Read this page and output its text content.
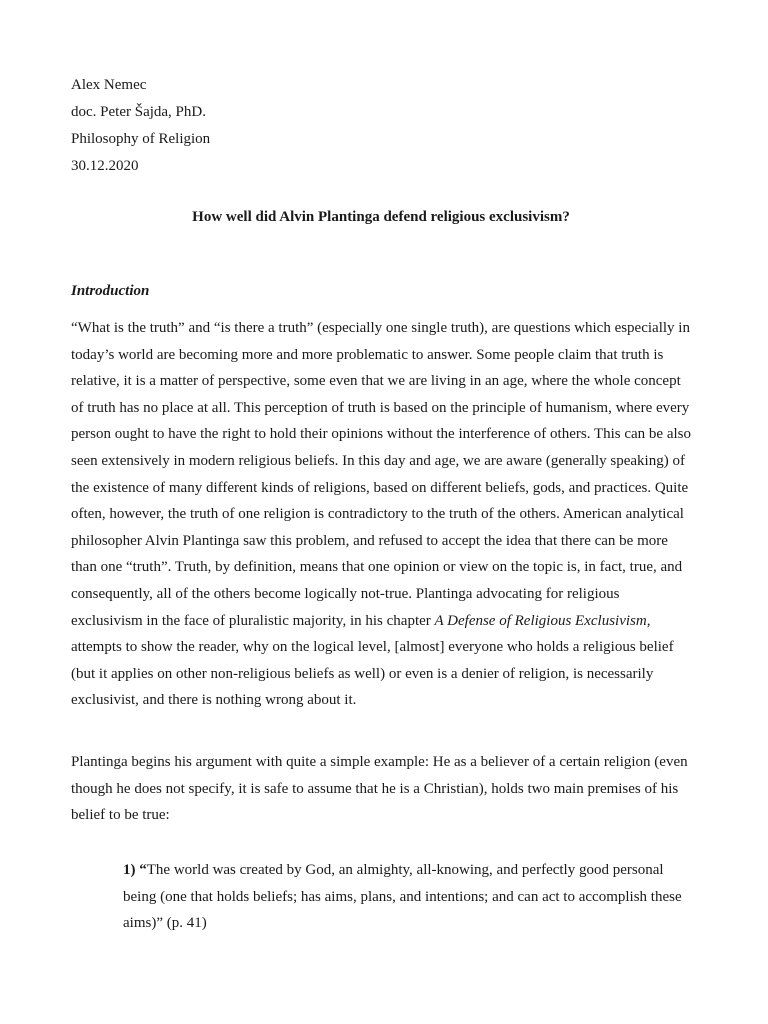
Alex Nemec
doc. Peter Šajda, PhD.
Philosophy of Religion
30.12.2020
How well did Alvin Plantinga defend religious exclusivism?
Introduction
“What is the truth” and “is there a truth” (especially one single truth), are questions which especially in
today’s world are becoming more and more problematic to answer. Some people claim that truth is
relative, it is a matter of perspective, some even that we are living in an age, where the whole concept
of truth has no place at all. This perception of truth is based on the principle of humanism, where every
person ought to have the right to hold their opinions without the interference of others. This can be also
seen extensively in modern religious beliefs. In this day and age, we are aware (generally speaking) of
the existence of many different kinds of religions, based on different beliefs, gods, and practices. Quite
often, however, the truth of one religion is contradictory to the truth of the others. American analytical
philosopher Alvin Plantinga saw this problem, and refused to accept the idea that there can be more
than one “truth”. Truth, by definition, means that one opinion or view on the topic is, in fact, true, and
consequently, all of the others become logically not-true. Plantinga advocating for religious
exclusivism in the face of pluralistic majority, in his chapter A Defense of Religious Exclusivism,
attempts to show the reader, why on the logical level, [almost] everyone who holds a religious belief
(but it applies on other non-religious beliefs as well) or even is a denier of religion, is necessarily
exclusivist, and there is nothing wrong about it.
Plantinga begins his argument with quite a simple example: He as a believer of a certain religion (even
though he does not specify, it is safe to assume that he is a Christian), holds two main premises of his
belief to be true:
1) “The world was created by God, an almighty, all-knowing, and perfectly good personal
being (one that holds beliefs; has aims, plans, and intentions; and can act to accomplish these
aims)” (p. 41)
